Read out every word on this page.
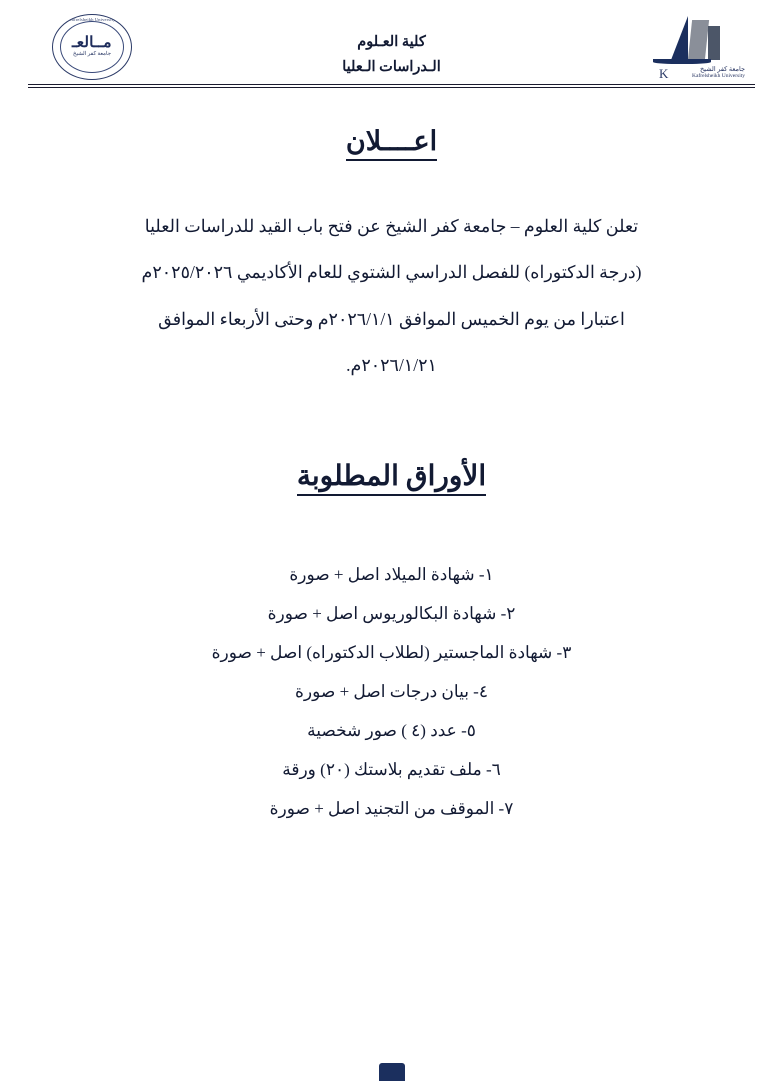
Kafrelsheikh University
مــالعـ
جامعة كفر الشيخ
كلية العـلوم
الـدراسات الـعليا	K	جامعة كفر الشيخ
Kafrelsheikh University
اعــــلان
تعلن كلية العلوم – جامعة كفر الشيخ عن فتح باب القيد للدراسات العليا
(درجة الدكتوراه) للفصل الدراسي الشتوي للعام الأكاديمي ٢٠٢٥/٢٠٢٦م
اعتبارا من يوم الخميس الموافق ٢٠٢٦/١/١م وحتى الأربعاء الموافق
٢٠٢٦/١/٢١م.
الأوراق المطلوبة
١- شهادة الميلاد اصل + صورة
٢- شهادة البكالوريوس اصل + صورة
٣- شهادة الماجستير (لطلاب الدكتوراه) اصل + صورة
٤- بيان درجات اصل + صورة
٥- عدد (٤ ) صور شخصية
٦- ملف تقديم بلاستك (٢٠) ورقة
٧- الموقف من التجنيد اصل + صورة
